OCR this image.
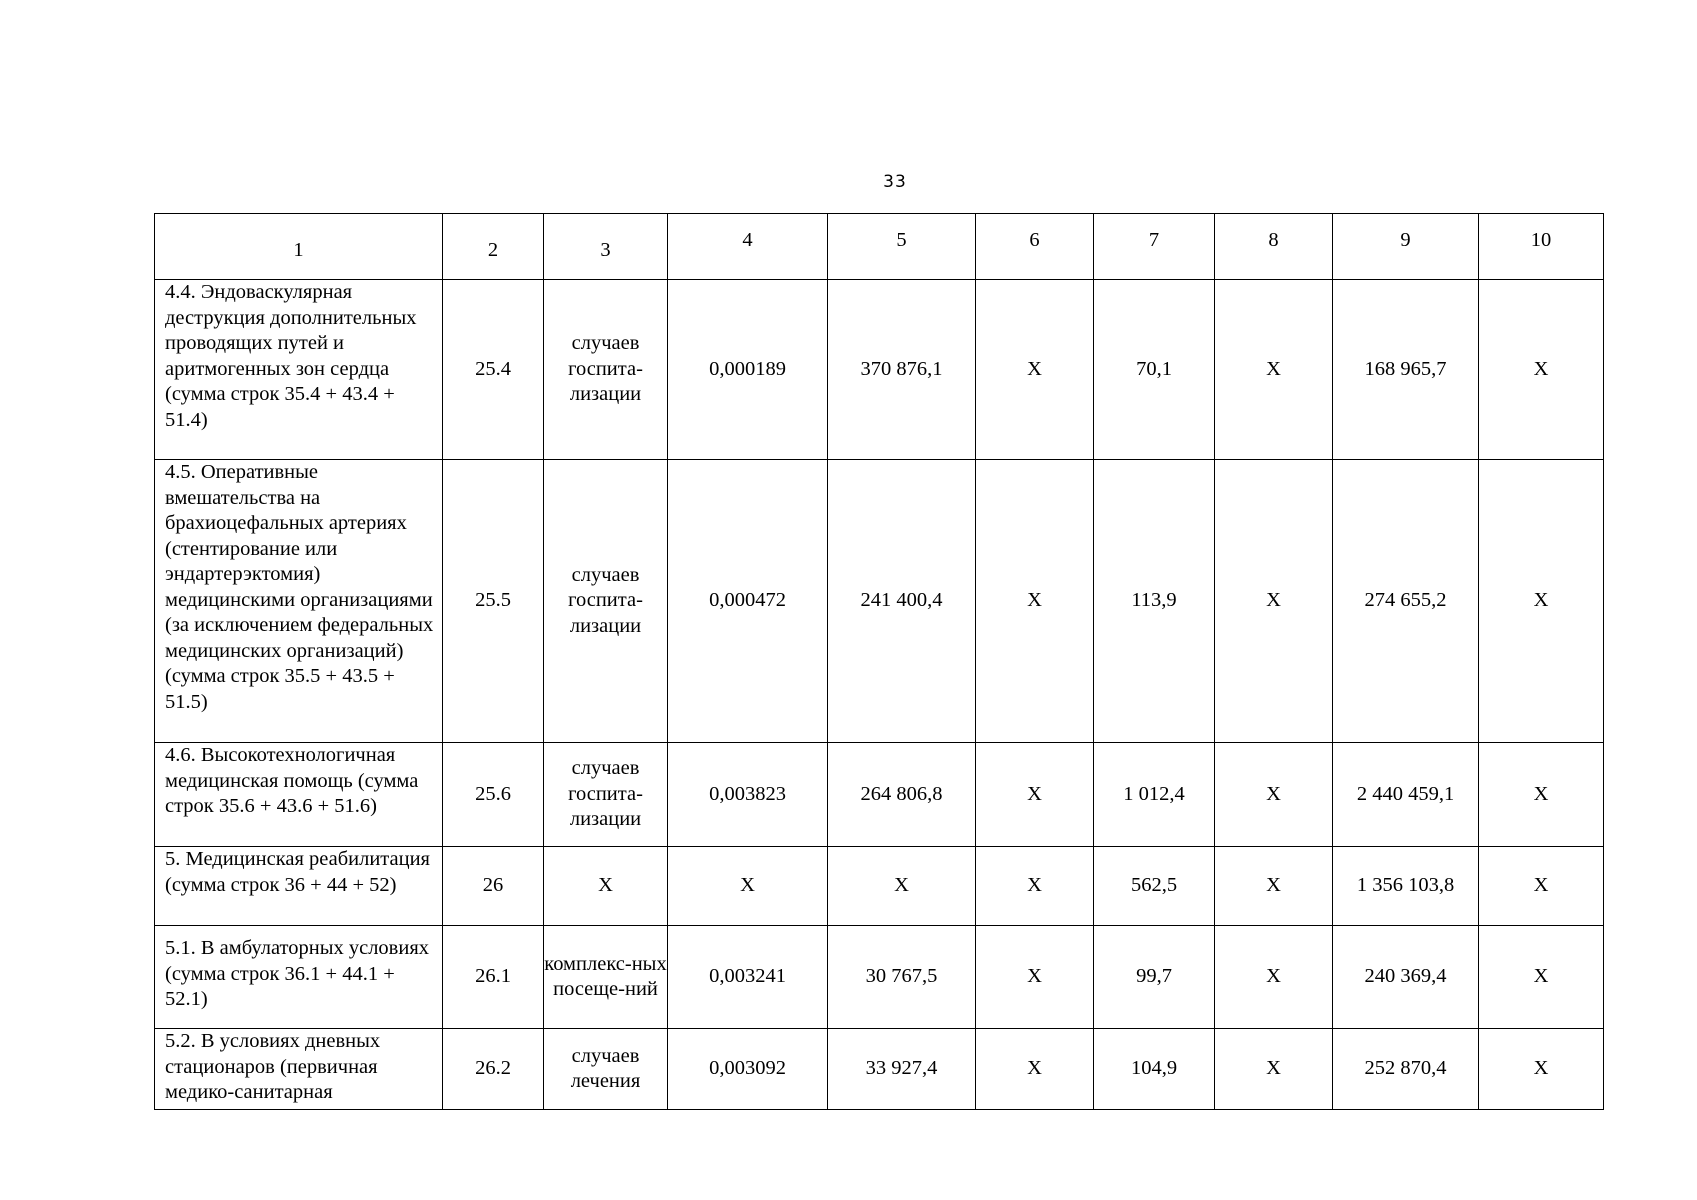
33
1	2	3	4	5	6	7	8	9	10
4.4. Эндоваскулярная деструкция дополнительных проводящих путей и аритмогенных зон сердца (сумма строк 35.4 + 43.4 + 51.4)	25.4	случаев госпита-лизации	0,000189	370 876,1	Х	70,1	Х	168 965,7	Х
4.5. Оперативные вмешательства на брахиоцефальных артериях (стентирование или эндартерэктомия) медицинскими организациями (за исключением федеральных медицинских организаций) (сумма строк 35.5 + 43.5 + 51.5)	25.5	случаев госпита-лизации	0,000472	241 400,4	Х	113,9	Х	274 655,2	Х
4.6. Высокотехнологичная медицинская помощь (сумма строк 35.6 + 43.6 + 51.6)	25.6	случаев госпита-лизации	0,003823	264 806,8	Х	1 012,4	Х	2 440 459,1	Х
5. Медицинская реабилитация (сумма строк 36 + 44 + 52)	26	Х	Х	Х	Х	562,5	Х	1 356 103,8	Х
5.1. В амбулаторных условиях (сумма строк 36.1 + 44.1 + 52.1)	26.1	комплекс-ных посеще-ний	0,003241	30 767,5	Х	99,7	Х	240 369,4	Х
5.2. В условиях дневных стационаров (первичная медико-санитарная	26.2	случаев лечения	0,003092	33 927,4	Х	104,9	Х	252 870,4	Х
